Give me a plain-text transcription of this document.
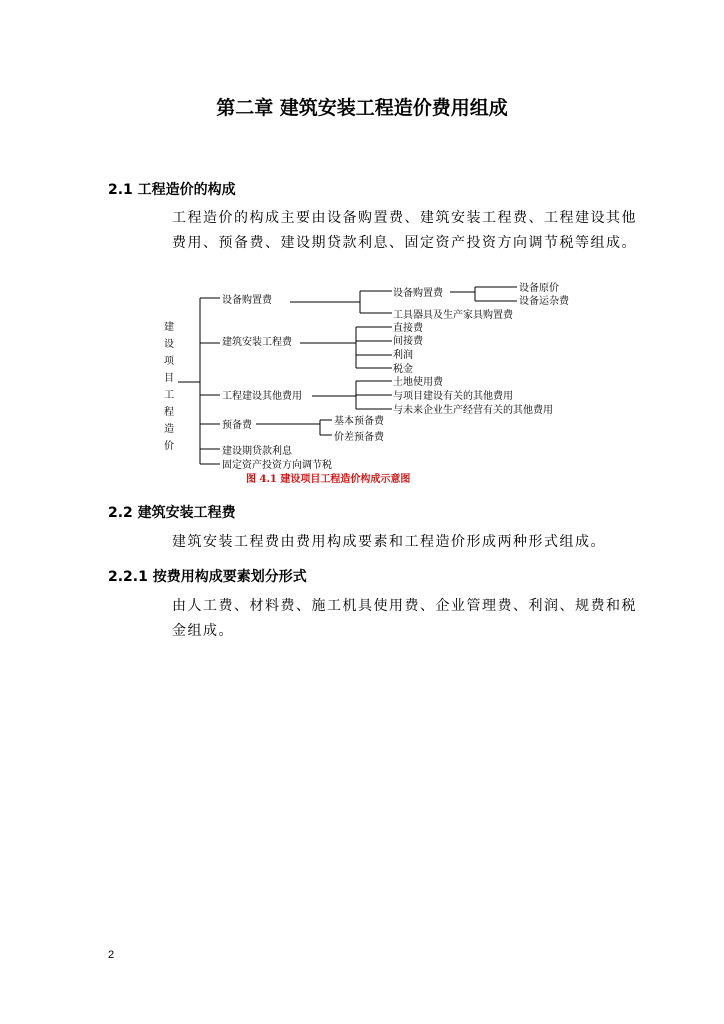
第二章 建筑安装工程造价费用组成
2.1 工程造价的构成
工程造价的构成主要由设备购置费、建筑安装工程费、工程建设其他
费用、预备费、建设期贷款利息、固定资产投资方向调节税等组成。
建
设
项
目
工
程
造
价
设备购置费
建筑安装工程费
工程建设其他费用
预备费
建设期贷款利息
固定资产投资方向调节税
设备购置费
工具器具及生产家具购置费
设备原价
设备运杂费
直接费
间接费
利润
税金
土地使用费
与项目建设有关的其他费用
与未来企业生产经营有关的其他费用
基本预备费
价差预备费
图 4.1 建设项目工程造价构成示意图
2.2 建筑安装工程费
建筑安装工程费由费用构成要素和工程造价形成两种形式组成。
2.2.1 按费用构成要素划分形式
由人工费、材料费、施工机具使用费、企业管理费、利润、规费和税
金组成。
2
